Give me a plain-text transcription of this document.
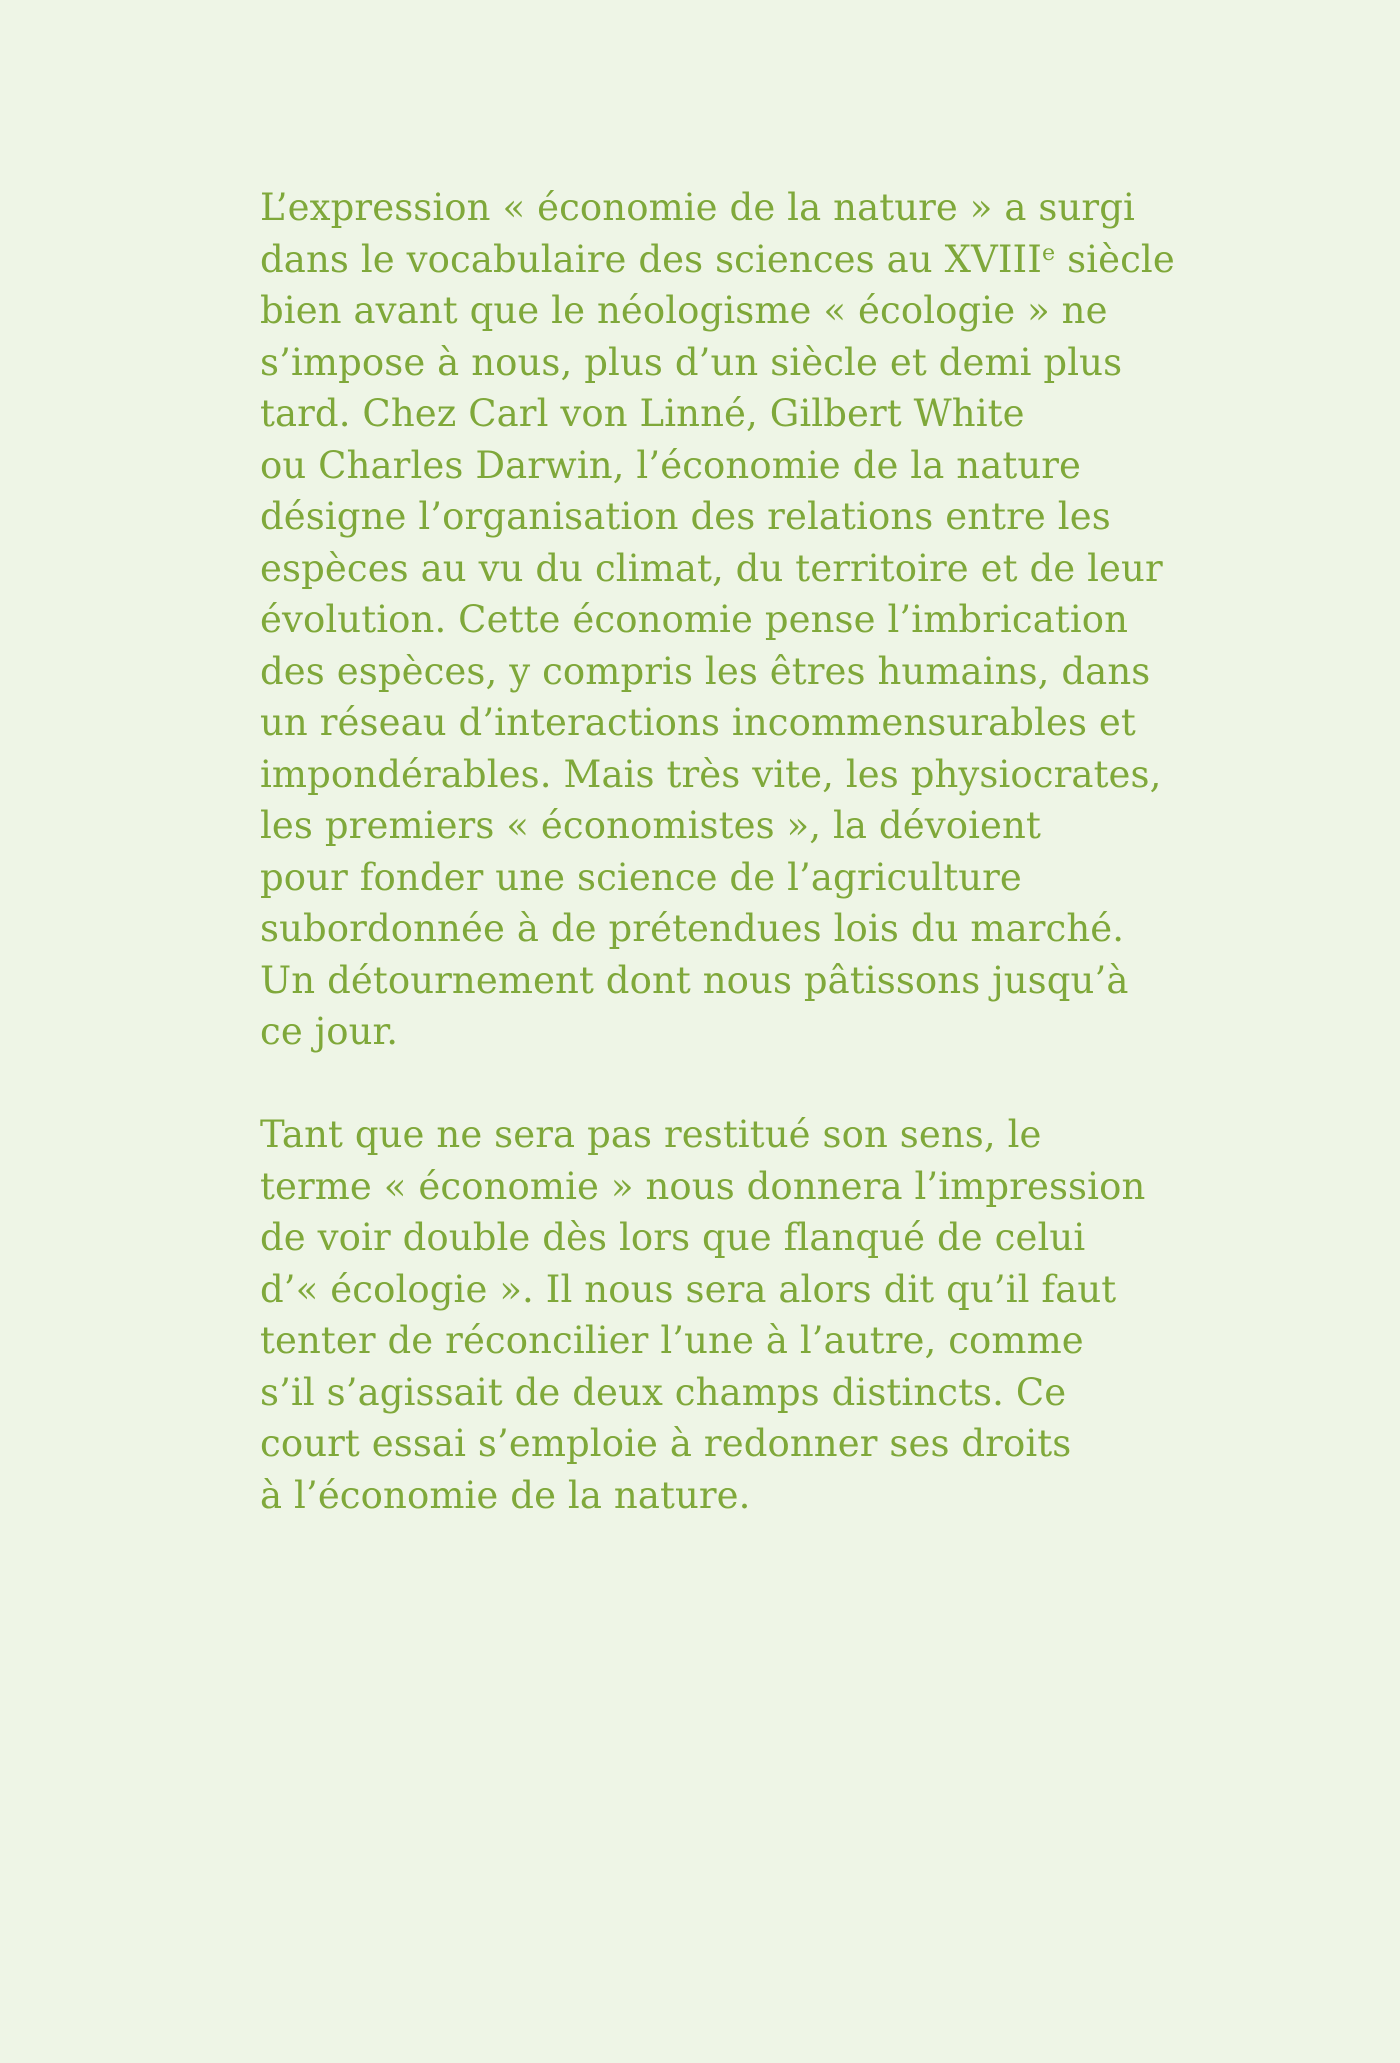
L’expression « économie de la nature » a surgi
dans le vocabulaire des sciences au XVIIIe siècle
bien avant que le néologisme « écologie » ne
s’impose à nous, plus d’un siècle et demi plus
tard. Chez Carl von Linné, Gilbert White
ou Charles Darwin, l’économie de la nature
désigne l’organisation des relations entre les
espèces au vu du climat, du territoire et de leur
évolution. Cette économie pense l’imbrication
des espèces, y compris les êtres humains, dans
un réseau d’interactions incommensurables et
impondérables. Mais très vite, les physiocrates,
les premiers « économistes », la dévoient
pour fonder une science de l’agriculture
subordonnée à de prétendues lois du marché.
Un détournement dont nous pâtissons jusqu’à
ce jour.

Tant que ne sera pas restitué son sens, le
terme « économie » nous donnera l’impression
de voir double dès lors que flanqué de celui
d’« écologie ». Il nous sera alors dit qu’il faut
tenter de réconcilier l’une à l’autre, comme
s’il s’agissait de deux champs distincts. Ce
court essai s’emploie à redonner ses droits
à l’économie de la nature.
